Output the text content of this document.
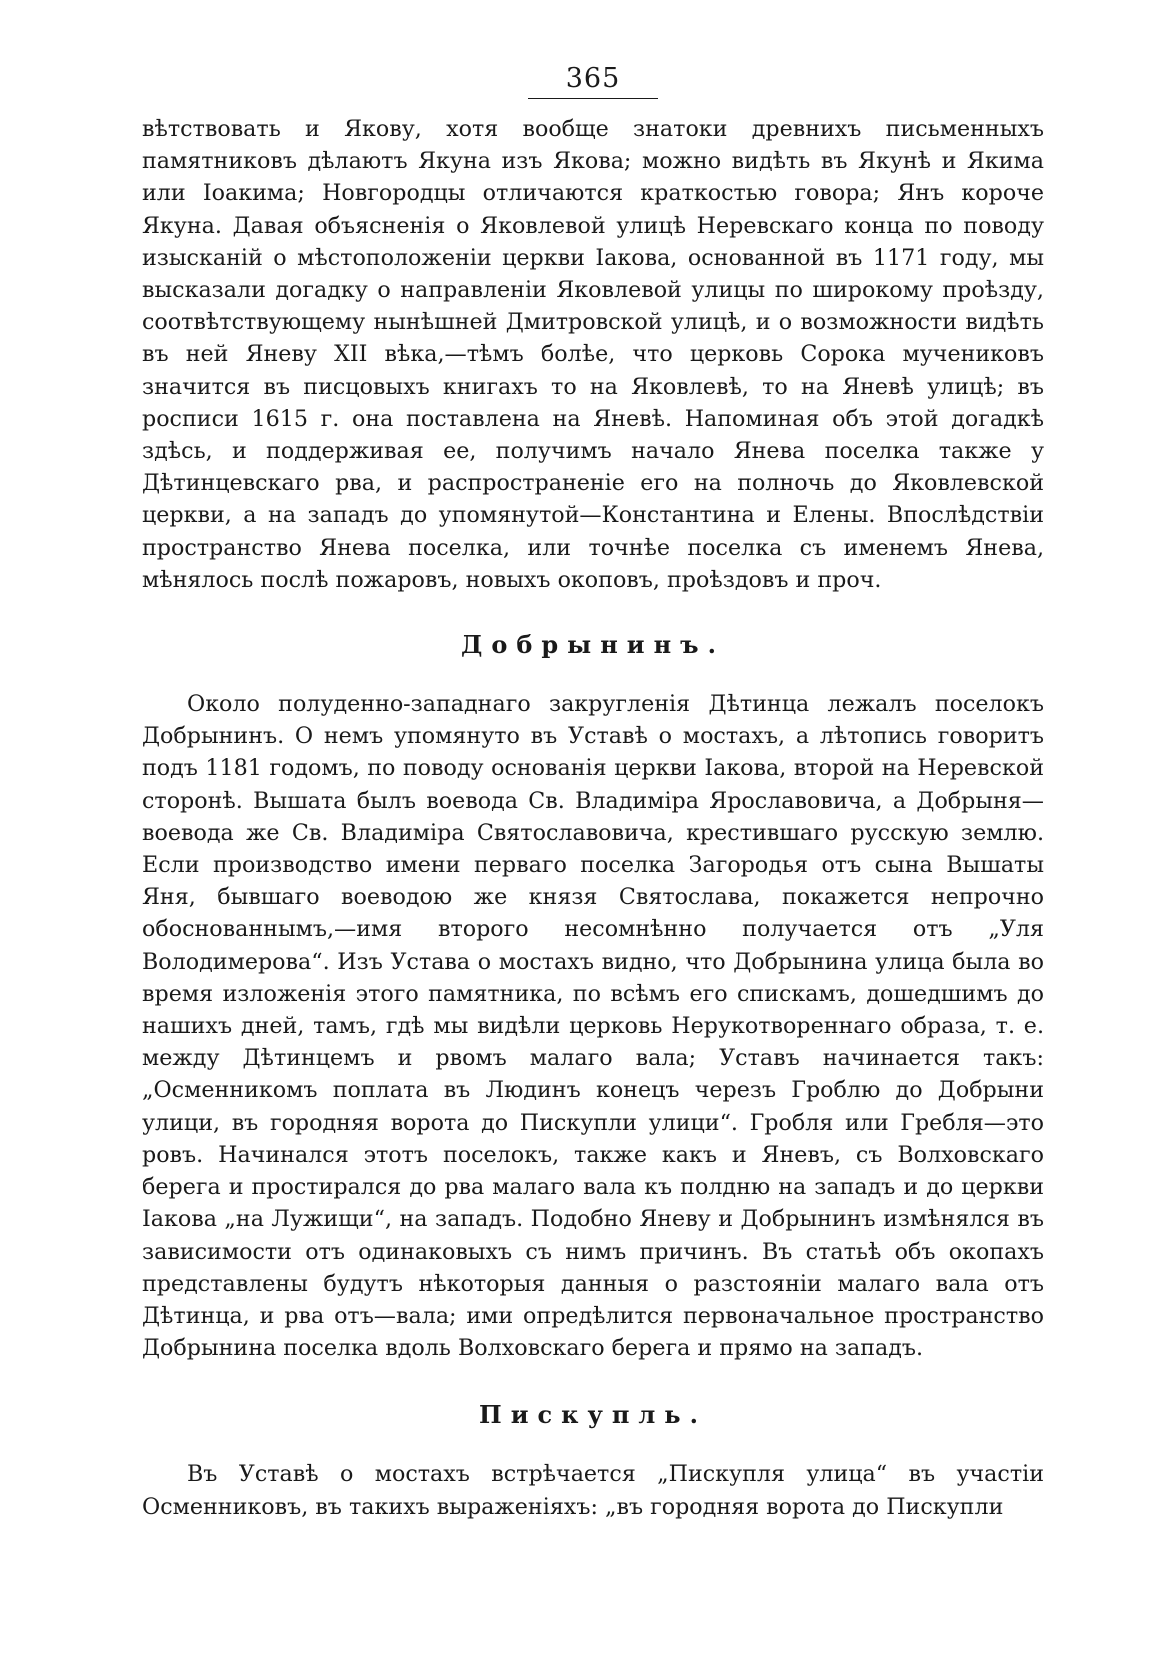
365

вѣтствовать и Якову, хотя вообще знатоки древнихъ письменныхъ памятниковъ дѣлаютъ Якуна изъ Якова; можно видѣть въ Якунѣ и Якима или Іоакима; Новгородцы отличаются краткостью говора; Янъ короче Якуна. Давая объясненія о Яковлевой улицѣ Неревскаго конца по поводу изысканій о мѣстоположеніи церкви Іакова, основанной въ 1171 году, мы высказали догадку о направленіи Яковлевой улицы по широкому проѣзду, соотвѣтствующему нынѣшней Дмитровской улицѣ, и о возможности видѣть въ ней Яневу XII вѣка,—тѣмъ болѣе, что церковь Сорока мучениковъ значится въ писцовыхъ книгахъ то на Яковлевѣ, то на Яневѣ улицѣ; въ росписи 1615 г. она поставлена на Яневѣ. Напоминая объ этой догадкѣ здѣсь, и поддерживая ее, получимъ начало Янева поселка также у Дѣтинцевскаго рва, и распространеніе его на полночь до Яковлевской церкви, а на западъ до упомянутой—Константина и Елены. Впослѣдствіи пространство Янева поселка, или точнѣе поселка съ именемъ Янева, мѣнялось послѣ пожаровъ, новыхъ окоповъ, проѣздовъ и проч.

Добрынинъ.

Около полуденно-западнаго закругленія Дѣтинца лежалъ поселокъ Добрынинъ. О немъ упомянуто въ Уставѣ о мостахъ, а лѣтопись говоритъ подъ 1181 годомъ, по поводу основанія церкви Іакова, второй на Неревской сторонѣ. Вышата былъ воевода Св. Владиміра Ярославовича, а Добрыня—воевода же Св. Владиміра Святославовича, крестившаго русскую землю. Если производство имени перваго поселка Загородья отъ сына Вышаты Яня, бывшаго воеводою же князя Святослава, покажется непрочно обоснованнымъ,—имя второго несомнѣнно получается отъ „Уля Володимерова“. Изъ Устава о мостахъ видно, что Добрынина улица была во время изложенія этого памятника, по всѣмъ его спискамъ, дошедшимъ до нашихъ дней, тамъ, гдѣ мы видѣли церковь Нерукотвореннаго образа, т. е. между Дѣтинцемъ и рвомъ малаго вала; Уставъ начинается такъ: „Осменникомъ поплата въ Людинъ конецъ черезъ Гроблю до Добрыни улици, въ городняя ворота до Пискупли улици“. Гробля или Гребля—это ровъ. Начинался этотъ поселокъ, также какъ и Яневъ, съ Волховскаго берега и простирался до рва малаго вала къ полдню на западъ и до церкви Іакова „на Лужищи“, на западъ. Подобно Яневу и Добрынинъ измѣнялся въ зависимости отъ одинаковыхъ съ нимъ причинъ. Въ статьѣ объ окопахъ представлены будутъ нѣкоторыя данныя о разстояніи малаго вала отъ Дѣтинца, и рва отъ—вала; ими опредѣлится первоначальное пространство Добрынина поселка вдоль Волховскаго берега и прямо на западъ.

Пискупль.

Въ Уставѣ о мостахъ встрѣчается „Пискупля улица“ въ участіи Осменниковъ, въ такихъ выраженіяхъ: „въ городняя ворота до Пискупли
